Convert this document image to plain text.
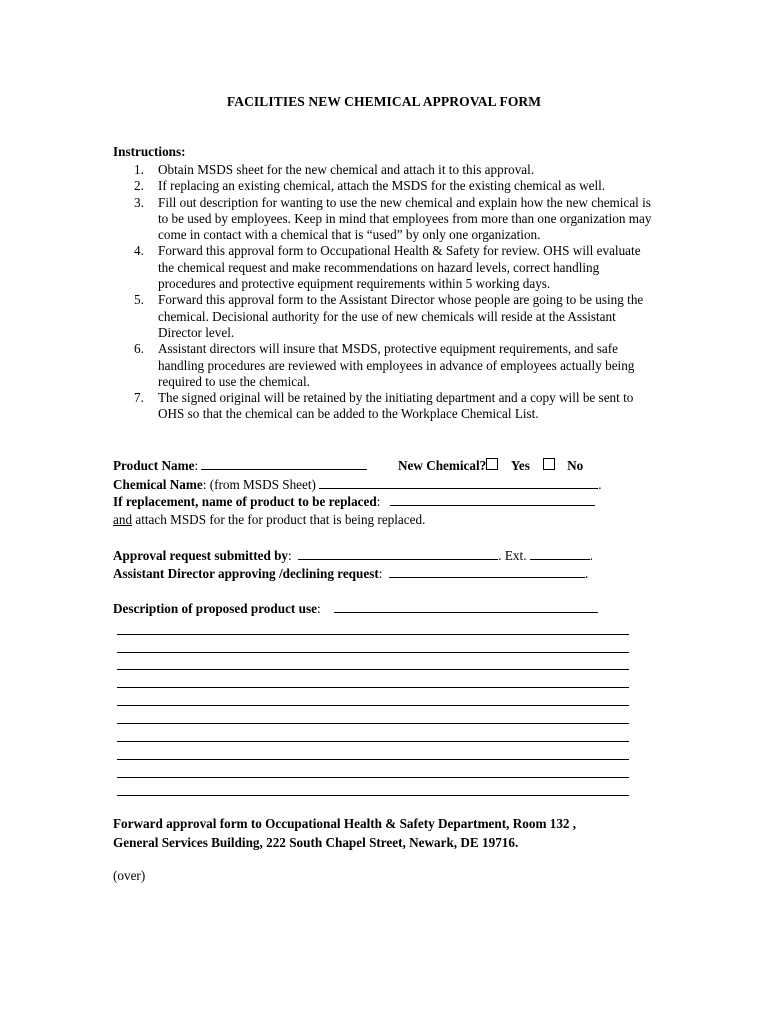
FACILITIES NEW CHEMICAL APPROVAL FORM
Instructions:
1. Obtain MSDS sheet for the new chemical and attach it to this approval.
2. If replacing an existing chemical, attach the MSDS for the existing chemical as well.
3. Fill out description for wanting to use the new chemical and explain how the new chemical is to be used by employees. Keep in mind that employees from more than one organization may come in contact with a chemical that is “used” by only one organization.
4. Forward this approval form to Occupational Health & Safety for review. OHS will evaluate the chemical request and make recommendations on hazard levels, correct handling procedures and protective equipment requirements within 5 working days.
5. Forward this approval form to the Assistant Director whose people are going to be using the chemical. Decisional authority for the use of new chemicals will reside at the Assistant Director level.
6. Assistant directors will insure that MSDS, protective equipment requirements, and safe handling procedures are reviewed with employees in advance of employees actually being required to use the chemical.
7. The signed original will be retained by the initiating department and a copy will be sent to OHS so that the chemical can be added to the Workplace Chemical List.
Product Name:	New Chemical? Yes	No
Chemical Name: (from MSDS Sheet)	.
If replacement, name of product to be replaced:
and attach MSDS for the for product that is being replaced.
Approval request submitted by:	. Ext.	.
Assistant Director approving /declining request:	.
Description of proposed product use:
Forward approval form to Occupational Health & Safety Department, Room 132 ,
General Services Building, 222 South Chapel Street, Newark, DE 19716.
(over)
